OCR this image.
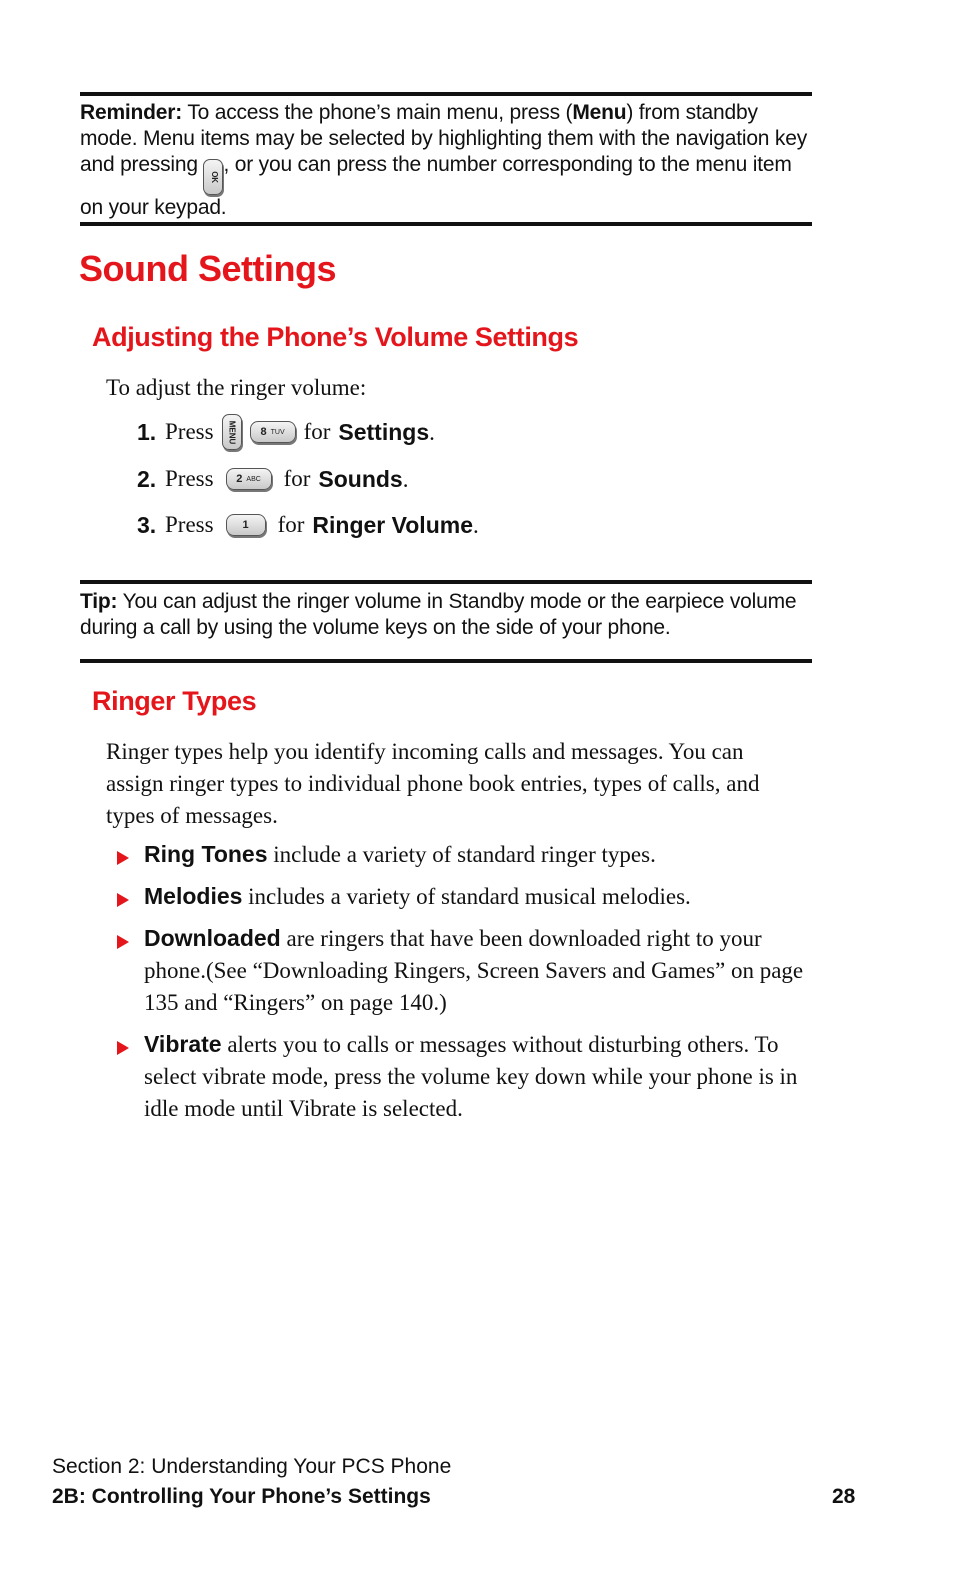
Reminder: To access the phone’s main menu, press (Menu) from standby mode. Menu items may be selected by highlighting them with the navigation key and pressing
OK
, or you can press the number corresponding to the menu item on your keypad.
Sound Settings
Adjusting the Phone’s Volume Settings
To adjust the ringer volume:
1. Press MENU 8 TUV for Settings.
2. Press 2 ABC for Sounds.
3. Press	1 for Ringer Volume.
Tip: You can adjust the ringer volume in Standby mode or the earpiece volume during a call by using the volume keys on the side of your phone.
Ringer Types
Ringer types help you identify incoming calls and messages. You can assign ringer types to individual phone book entries, types of calls, and types of messages.
Ring Tones include a variety of standard ringer types.
Melodies includes a variety of standard musical melodies.
Downloaded are ringers that have been downloaded right to your phone.(See “Downloading Ringers, Screen Savers and Games” on page 135 and “Ringers” on page 140.)
Vibrate alerts you to calls or messages without disturbing others. To select vibrate mode, press the volume key down while your phone is in idle mode until Vibrate is selected.
Section 2: Understanding Your PCS Phone
2B: Controlling Your Phone’s Settings	28
